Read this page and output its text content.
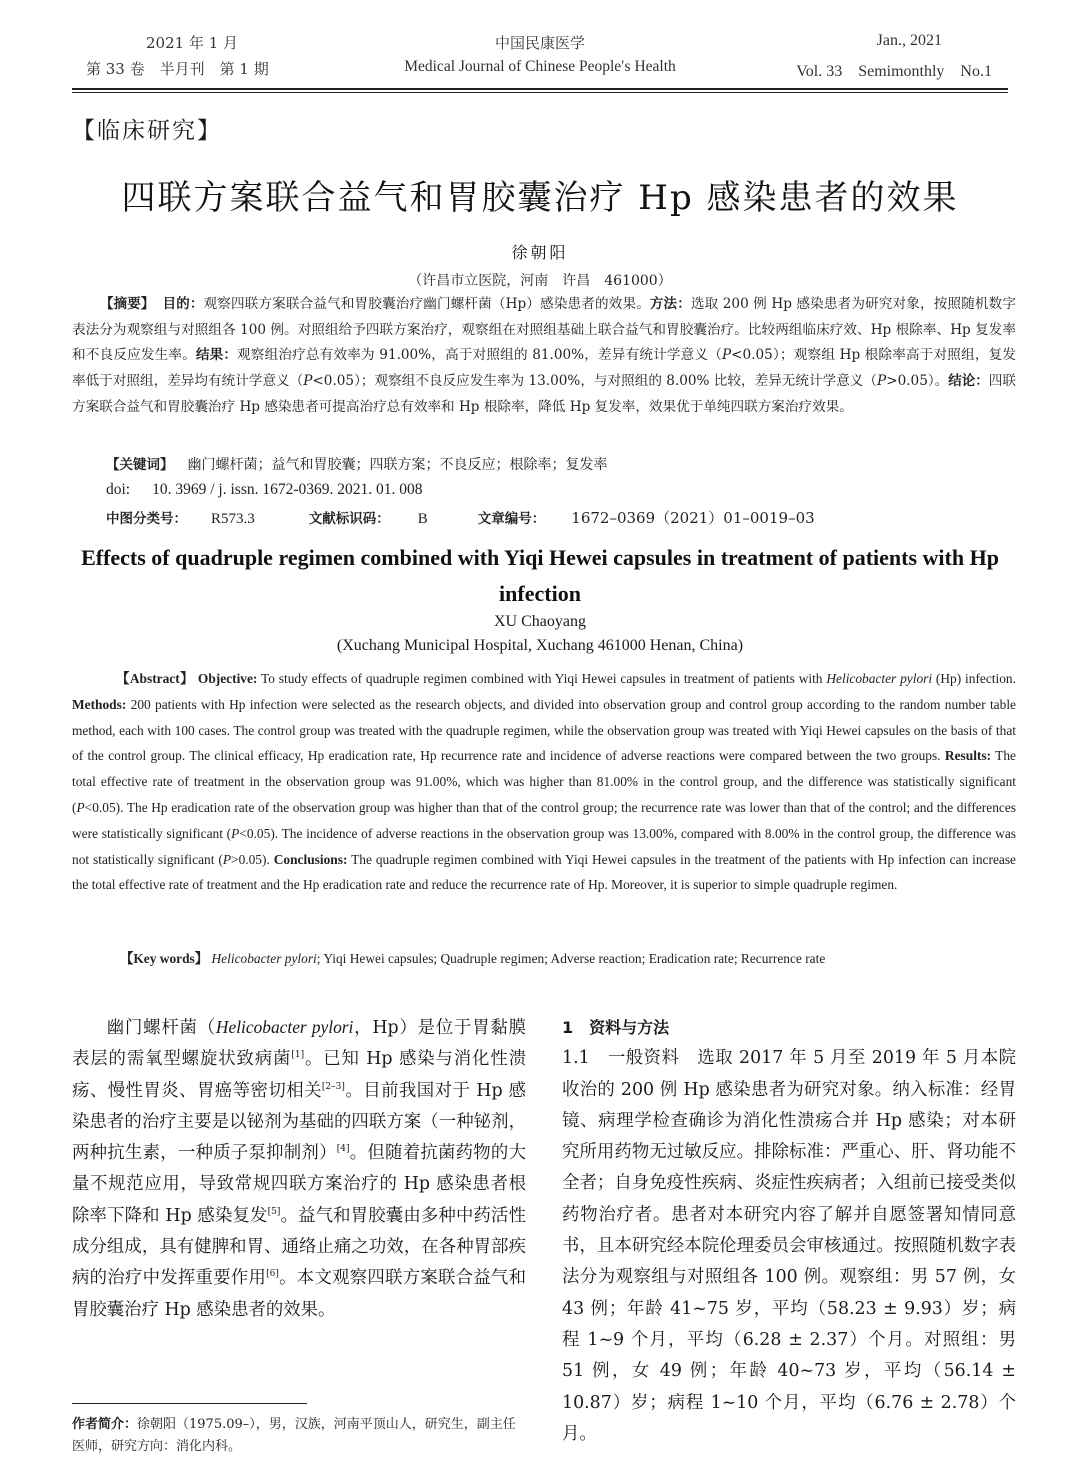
2021 年 1 月
第 33 卷　半月刊　第 1 期
中国民康医学
Medical Journal of Chinese People′s Health
Jan., 2021
Vol. 33　Semimonthly　No.1
【临床研究】
四联方案联合益气和胃胶囊治疗 Hp 感染患者的效果
徐朝阳
（许昌市立医院，河南　许昌　461000）
【摘要】 目的：观察四联方案联合益气和胃胶囊治疗幽门螺杆菌（Hp）感染患者的效果。方法：选取 200 例 Hp 感染患者为研究对象，按照随机数字表法分为观察组与对照组各 100 例。对照组给予四联方案治疗，观察组在对照组基础上联合益气和胃胶囊治疗。比较两组临床疗效、Hp 根除率、Hp 复发率和不良反应发生率。结果：观察组治疗总有效率为 91.00%，高于对照组的 81.00%，差异有统计学意义（P<0.05）；观察组 Hp 根除率高于对照组，复发率低于对照组，差异均有统计学意义（P<0.05）；观察组不良反应发生率为 13.00%，与对照组的 8.00% 比较，差异无统计学意义（P>0.05）。结论：四联方案联合益气和胃胶囊治疗 Hp 感染患者可提高治疗总有效率和 Hp 根除率，降低 Hp 复发率，效果优于单纯四联方案治疗效果。
【关键词】 幽门螺杆菌；益气和胃胶囊；四联方案；不良反应；根除率；复发率
doi: 10. 3969 / j. issn. 1672-0369. 2021. 01. 008
中图分类号： R573.3	文献标识码： B	文章编号： 1672–0369（2021）01–0019–03
Effects of quadruple regimen combined with Yiqi Hewei capsules in treatment of patients with Hp infection
XU Chaoyang
(Xuchang Municipal Hospital, Xuchang 461000 Henan, China)
【Abstract】 Objective: To study effects of quadruple regimen combined with Yiqi Hewei capsules in treatment of patients with Helicobacter pylori (Hp) infection. Methods: 200 patients with Hp infection were selected as the research objects, and divided into observation group and control group according to the random number table method, each with 100 cases. The control group was treated with the quadruple regimen, while the observation group was treated with Yiqi Hewei capsules on the basis of that of the control group. The clinical efficacy, Hp eradication rate, Hp recurrence rate and incidence of adverse reactions were compared between the two groups. Results: The total effective rate of treatment in the observation group was 91.00%, which was higher than 81.00% in the control group, and the difference was statistically significant (P<0.05). The Hp eradication rate of the observation group was higher than that of the control group; the recurrence rate was lower than that of the control; and the differences were statistically significant (P<0.05). The incidence of adverse reactions in the observation group was 13.00%, compared with 8.00% in the control group, the difference was not statistically significant (P>0.05). Conclusions: The quadruple regimen combined with Yiqi Hewei capsules in the treatment of the patients with Hp infection can increase the total effective rate of treatment and the Hp eradication rate and reduce the recurrence rate of Hp. Moreover, it is superior to simple quadruple regimen.
【Key words】 Helicobacter pylori; Yiqi Hewei capsules; Quadruple regimen; Adverse reaction; Eradication rate; Recurrence rate
幽门螺杆菌（Helicobacter pylori，Hp）是位于胃黏膜表层的需氧型螺旋状致病菌[1]。已知 Hp 感染与消化性溃疡、慢性胃炎、胃癌等密切相关[2–3]。目前我国对于 Hp 感染患者的治疗主要是以铋剂为基础的四联方案（一种铋剂，两种抗生素，一种质子泵抑制剂）[4]。但随着抗菌药物的大量不规范应用，导致常规四联方案治疗的 Hp 感染患者根除率下降和 Hp 感染复发[5]。益气和胃胶囊由多种中药活性成分组成，具有健脾和胃、通络止痛之功效，在各种胃部疾病的治疗中发挥重要作用[6]。本文观察四联方案联合益气和胃胶囊治疗 Hp 感染患者的效果。
作者简介：徐朝阳（1975.09–），男，汉族，河南平顶山人，研究生，副主任医师，研究方向：消化内科。
1　资料与方法
1.1　一般资料 选取 2017 年 5 月至 2019 年 5 月本院收治的 200 例 Hp 感染患者为研究对象。纳入标准：经胃镜、病理学检查确诊为消化性溃疡合并 Hp 感染；对本研究所用药物无过敏反应。排除标准：严重心、肝、肾功能不全者；自身免疫性疾病、炎症性疾病者；入组前已接受类似药物治疗者。患者对本研究内容了解并自愿签署知情同意书，且本研究经本院伦理委员会审核通过。按照随机数字表法分为观察组与对照组各 100 例。观察组：男 57 例，女 43 例；年龄 41~75 岁，平均（58.23 ± 9.93）岁；病程 1~9 个月，平均（6.28 ± 2.37）个月。对照组：男 51 例，女 49 例；年龄 40~73 岁，平均（56.14 ± 10.87）岁；病程 1~10 个月，平均（6.76 ± 2.78）个月。
